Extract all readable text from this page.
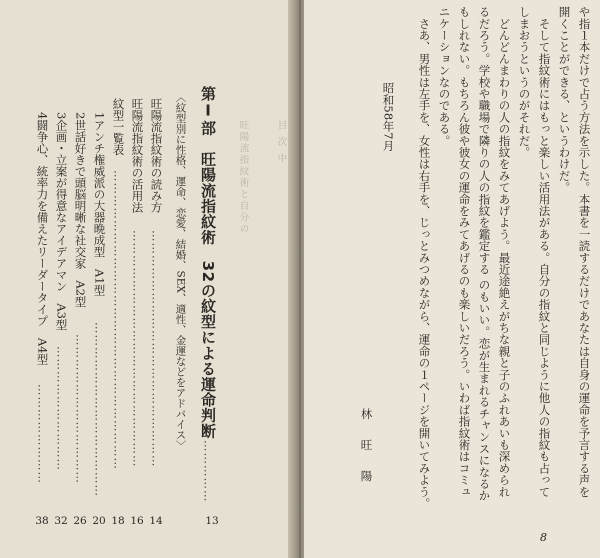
目 次 中
旺陽流指紋術と自分の
第Ⅰ部　旺陽流指紋術　32の紋型による運命判断
……………
13
〈紋型別に性格、運命、恋愛、結婚、SEX、適性、金運などをアドバイス〉
旺陽流指紋術の読み方
…………………………………………………
14
旺陽流指紋術の活用法
…………………………………………………
16
紋型一覧表
………………………………………………………………
18
1アンチ権威派の大器晩成型　A1型
……………………………………
20
2世話好きで頭脳明晰な社交家　A2型
………………………………
26
3企画・立案が得意なアイデアマン　A3型
…………………………
32
4闘争心、統率力を備えたリーダータイプ　A4型
……………………
38
や指１本だけで占う方法を示した。本書を一読するだけであなたは自身の運命を予言する声を
開くことができる、というわけだ。
　そして指紋術にはもっと楽しい活用法がある。自分の指紋と同じように他人の指紋も占って
しまおうというのがそれだ。
　どんどんまわりの人の指紋をみてあげよう。最近途絶えがちな親と子のふれあいも深められ
るだろう。学校や職場で隣りの人の指紋を鑑定する のもいい。恋が生まれるチャンスになるか
もしれない。もちろん彼や彼女の運命をみてあげるのも楽しいだろう。いわば指紋術はコミュ
ニケーションなのである。
　さあ、男性は左手を、女性は右手を、じっとみつめながら、運命の１ページを開いてみよう。
昭和58年7月
林　旺　陽
8
